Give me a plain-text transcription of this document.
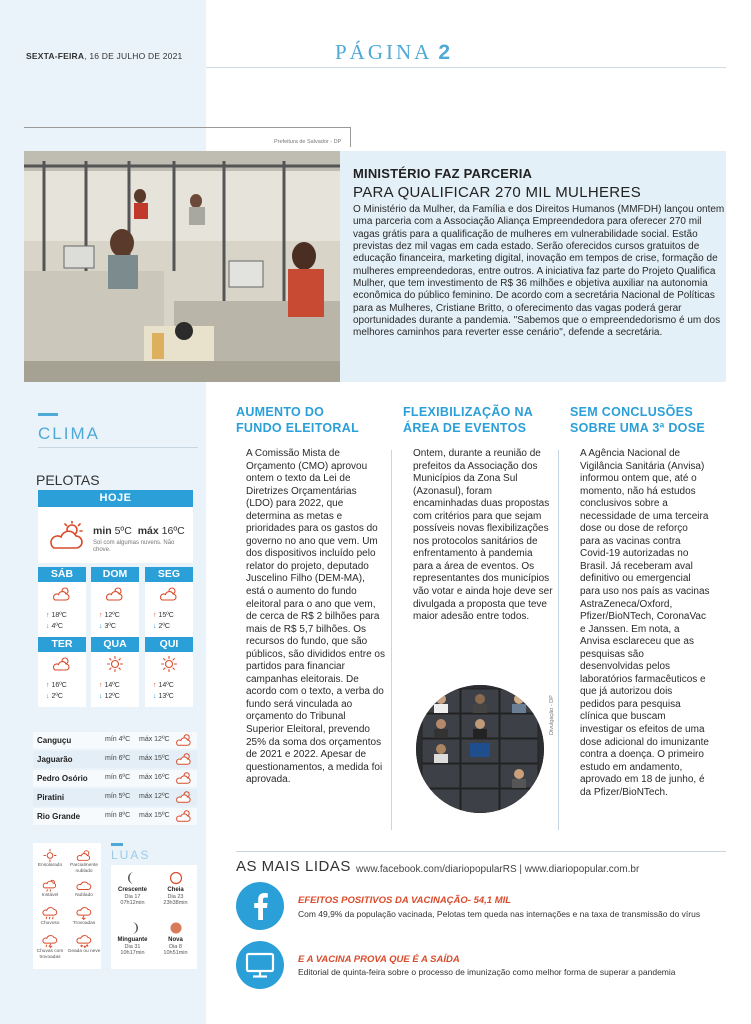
SEXTA-FEIRA, 16 DE JULHO DE 2021	PÁGINA 2
Prefeitura de Salvador - DP
MINISTÉRIO FAZ PARCERIA
PARA QUALIFICAR 270 MIL MULHERES
O Ministério da Mulher, da Família e dos Direitos Humanos (MMFDH) lançou ontem uma parceria com a Associação Aliança Empreendedora para oferecer 270 mil vagas grátis para a qualificação de mulheres em vulnerabilidade social. Estão previstas dez mil vagas em cada estado. Serão oferecidos cursos gratuitos de educação financeira, marketing digital, inovação em tempos de crise, formação de mulheres empreendedoras, entre outros. A iniciativa faz parte do Projeto Qualifica Mulher, que tem investimento de R$ 36 milhões e objetiva auxiliar na autonomia econômica do público feminino. De acordo com a secretária Nacional de Políticas para as Mulheres, Cristiane Britto, o oferecimento das vagas poderá gerar oportunidades durante a pandemia. "Sabemos que o empreendedorismo é um dos melhores caminhos para reverter esse cenário", defende a secretária.
CLIMA
PELOTAS
HOJE
min 5ºC máx 16ºC
Sol com algumas nuvens. Não chove.
SÁB
↑ 18ºC
↓ 4ºC
DOM
↑ 12ºC
↓ 3ºC
SEG
↑ 15ºC
↓ 2ºC
TER
↑ 16ºC
↓ 2ºC
QUA
↑ 14ºC
↓ 12ºC
QUI
↑ 14ºC
↓ 13ºC
Canguçu	mín 4ºC máx 12ºC
Jaguarão	mín 6ºC máx 15ºC
Pedro Osório mín 6ºC máx 16ºC
Piratini	mín 5ºC máx 12ºC
Rio Grande	mín 8ºC máx 15ºC
Ensolarado	Parcialmente nublado
Instável	Nublado
Chuvoso	Trovoadas
Chuvas com trovoadas
Geada ou neve
LUAS
Crescente
Dia 17
07h12min
Cheia
Dia 23
23h38min
Minguante
Dia 31
10h17min
Nova
Dia 8
10h51min
AUMENTO DO
FUNDO ELEITORAL
A Comissão Mista de Orçamento (CMO) aprovou ontem o texto da Lei de Diretrizes Orçamentárias (LDO) para 2022, que determina as metas e prioridades para os gastos do governo no ano que vem. Um dos dispositivos incluído pelo relator do projeto, deputado Juscelino Filho (DEM-MA), está o aumento do fundo eleitoral para o ano que vem, de cerca de R$ 2 bilhões para mais de R$ 5,7 bilhões. Os recursos do fundo, que são públicos, são divididos entre os partidos para financiar campanhas eleitorais. De acordo com o texto, a verba do fundo será vinculada ao orçamento do Tribunal Superior Eleitoral, prevendo 25% da soma dos orçamentos de 2021 e 2022. Apesar de questionamentos, a medida foi aprovada.
FLEXIBILIZAÇÃO NA
ÁREA DE EVENTOS
Ontem, durante a reunião de prefeitos da Associação dos Municípios da Zona Sul (Azonasul), foram encaminhadas duas propostas com critérios para que sejam possíveis novas flexibilizações nos protocolos sanitários de enfrentamento à pandemia para a área de eventos. Os representantes dos municípios vão votar e ainda hoje deve ser divulgada a proposta que teve maior adesão entre todos.
Divulgação - DP
SEM CONCLUSÕES
SOBRE UMA 3ª DOSE
A Agência Nacional de Vigilância Sanitária (Anvisa) informou ontem que, até o momento, não há estudos conclusivos sobre a necessidade de uma terceira dose ou dose de reforço para as vacinas contra Covid-19 autorizadas no Brasil. Já receberam aval definitivo ou emergencial para uso nos país as vacinas AstraZeneca/Oxford, Pfizer/BioNTech, CoronaVac e Janssen. Em nota, a Anvisa esclareceu que as pesquisas são desenvolvidas pelos laboratórios farmacêuticos e que já autorizou dois pedidos para pesquisa clínica que buscam investigar os efeitos de uma dose adicional do imunizante contra a doença. O primeiro estudo em andamento, aprovado em 18 de junho, é da Pfizer/BioNTech.
AS MAIS LIDAS www.facebook.com/diariopopularRS | www.diariopopular.com.br
EFEITOS POSITIVOS DA VACINAÇÃO- 54,1 MIL
Com 49,9% da população vacinada, Pelotas tem queda nas internações e na taxa de transmissão do vírus
E A VACINA PROVA QUE É A SAÍDA
Editorial de quinta-feira sobre o processo de imunização como melhor forma de superar a pandemia
